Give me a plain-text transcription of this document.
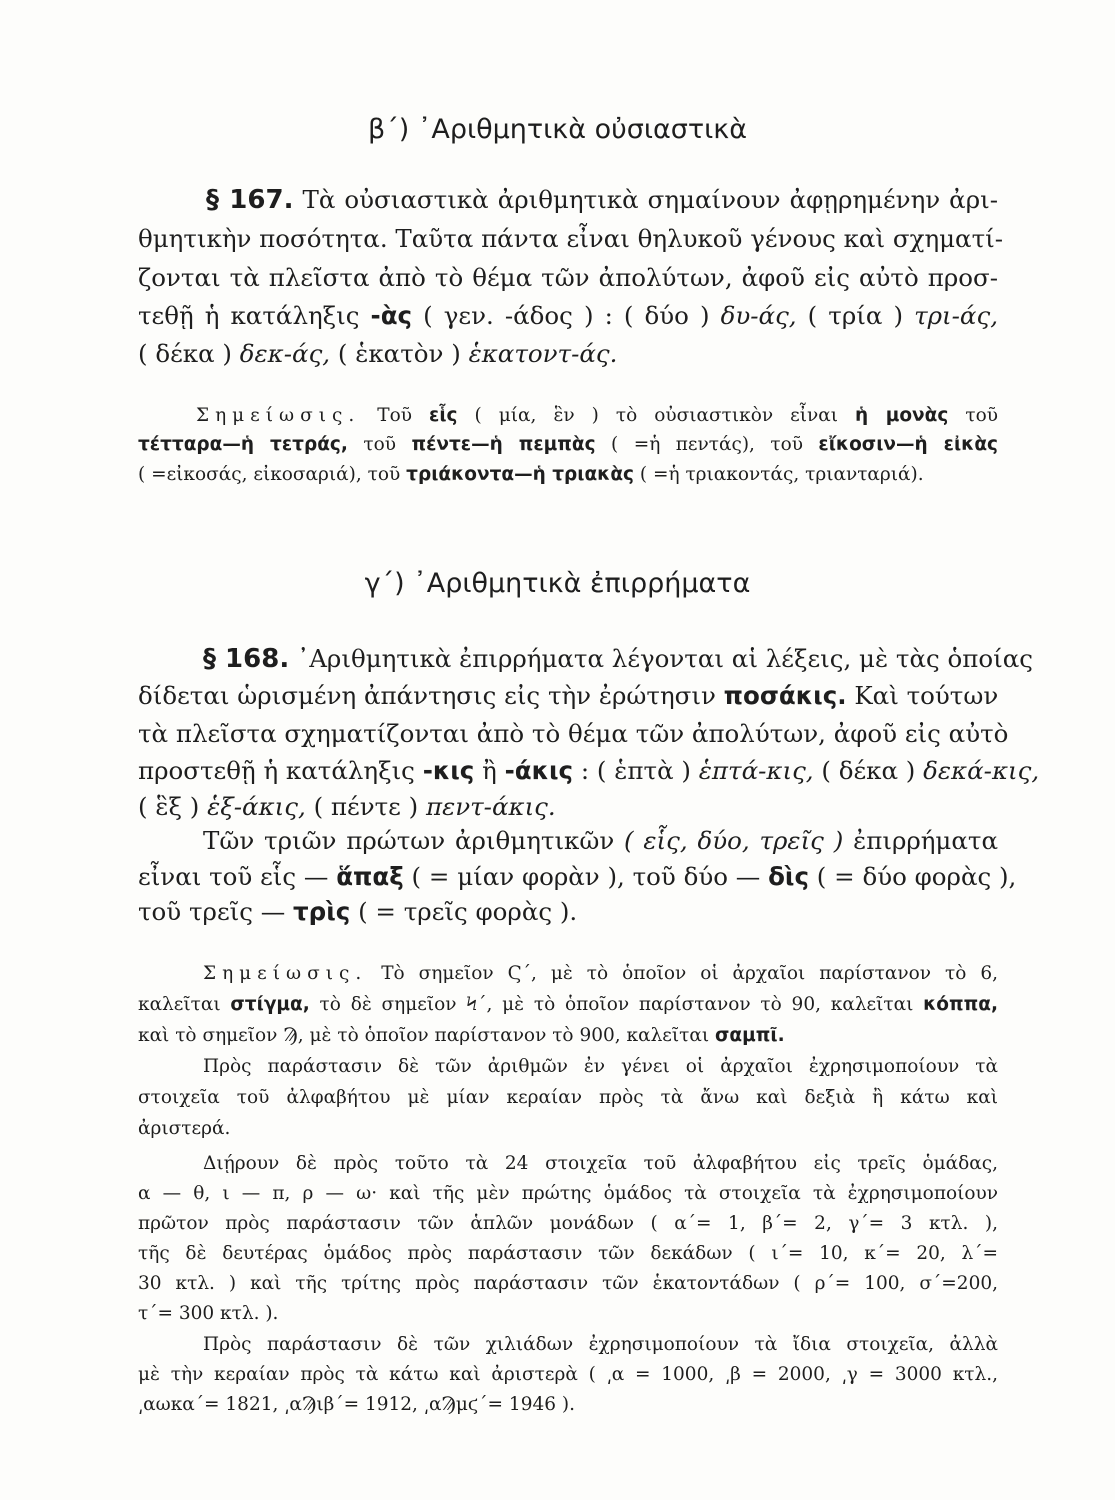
β΄) ᾿Αριθμητικὰ οὐσιαστικὰ
§ 167. Τὰ οὐσιαστικὰ ἀριθμητικὰ σημαίνουν ἀφῃρημένην ἀρι-
θμητικὴν ποσότητα. Ταῦτα πάντα εἶναι θηλυκοῦ γένους καὶ σχηματί-
ζονται τὰ πλεῖστα ἀπὸ τὸ θέμα τῶν ἀπολύτων, ἀφοῦ εἰς αὐτὸ προσ-
τεθῇ ἡ κατάληξις -ὰς ( γεν. -άδος ) : ( δύο ) δυ-άς, ( τρία ) τρι-άς,
( δέκα ) δεκ-άς, ( ἑκατὸν ) ἑκατοντ-άς.
Σημείωσις. Τοῦ εἷς ( μία, ἓν ) τὸ οὐσιαστικὸν εἶναι ἡ μονὰς τοῦ
τέτταρα—ἡ τετράς, τοῦ πέντε—ἡ πεμπὰς ( =ἡ πεντάς), τοῦ εἴκοσιν—ἡ εἰκὰς
( =εἰκοσάς, εἰκοσαριά), τοῦ τριάκοντα—ἡ τριακὰς ( =ἡ τριακοντάς, τριανταριά).
γ΄) ᾿Αριθμητικὰ ἐπιρρήματα
§ 168. ᾿Αριθμητικὰ ἐπιρρήματα λέγονται αἱ λέξεις, μὲ τὰς ὁποίας
δίδεται ὡρισμένη ἀπάντησις εἰς τὴν ἐρώτησιν ποσάκις. Καὶ τούτων
τὰ πλεῖστα σχηματίζονται ἀπὸ τὸ θέμα τῶν ἀπολύτων, ἀφοῦ εἰς αὐτὸ
προστεθῇ ἡ κατάληξις -κις ἢ -άκις : ( ἑπτὰ ) ἑπτά-κις, ( δέκα ) δεκά-κις,
( ἓξ ) ἑξ-άκις, ( πέντε ) πεντ-άκις.
Τῶν τριῶν πρώτων ἀριθμητικῶν ( εἷς, δύο, τρεῖς ) ἐπιρρήματα
εἶναι τοῦ εἷς — ἅπαξ ( = μίαν φορὰν ), τοῦ δύο — δὶς ( = δύο φορὰς ),
τοῦ τρεῖς — τρὶς ( = τρεῖς φορὰς ).
Σημείωσις. Τὸ σημεῖον Ϛ΄, μὲ τὸ ὁποῖον οἱ ἀρχαῖοι παρίστανον τὸ 6,
καλεῖται στίγμα, τὸ δὲ σημεῖον Ϟ΄, μὲ τὸ ὁποῖον παρίστανον τὸ 90, καλεῖται κόππα,
καὶ τὸ σημεῖον Ϡ, μὲ τὸ ὁποῖον παρίστανον τὸ 900, καλεῖται σαμπῖ.
Πρὸς παράστασιν δὲ τῶν ἀριθμῶν ἐν γένει οἱ ἀρχαῖοι ἐχρησιμοποίουν τὰ
στοιχεῖα τοῦ ἀλφαβήτου μὲ μίαν κεραίαν πρὸς τὰ ἄνω καὶ δεξιὰ ἢ κάτω καὶ
ἀριστερά.
Διῄρουν δὲ πρὸς τοῦτο τὰ 24 στοιχεῖα τοῦ ἀλφαβήτου εἰς τρεῖς ὁμάδας,
α — θ, ι — π, ρ — ω· καὶ τῆς μὲν πρώτης ὁμάδος τὰ στοιχεῖα τὰ ἐχρησιμοποίουν
πρῶτον πρὸς παράστασιν τῶν ἁπλῶν μονάδων ( α΄= 1, β΄= 2, γ΄= 3 κτλ. ),
τῆς δὲ δευτέρας ὁμάδος πρὸς παράστασιν τῶν δεκάδων ( ι΄= 10, κ΄= 20, λ΄=
30 κτλ. ) καὶ τῆς τρίτης πρὸς παράστασιν τῶν ἑκατοντάδων ( ρ΄= 100, σ΄=200,
τ΄= 300 κτλ. ).
Πρὸς παράστασιν δὲ τῶν χιλιάδων ἐχρησιμοποίουν τὰ ἴδια στοιχεῖα, ἀλλὰ
μὲ τὴν κεραίαν πρὸς τὰ κάτω καὶ ἀριστερὰ ( ͵α = 1000, ͵β = 2000, ͵γ = 3000 κτλ.,
͵αωκα΄= 1821, ͵αϠιβ΄= 1912, ͵αϠμϛ΄= 1946 ).
